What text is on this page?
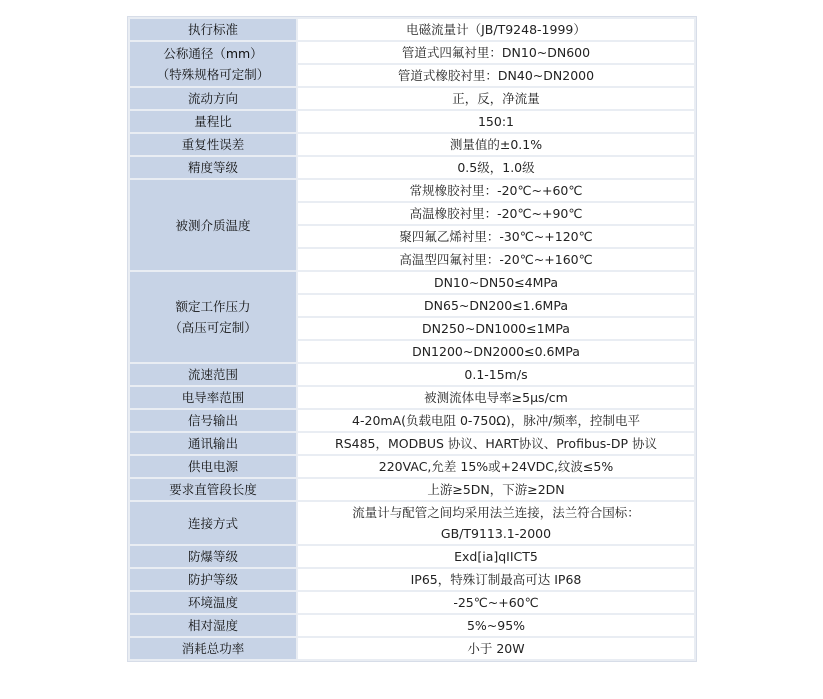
执行标准	电磁流量计（JB/T9248-1999）

公称通径（mm）
（特殊规格可定制）	管道式四氟衬里：DN10~DN600
	管道式橡胶衬里：DN40~DN2000

流动方向	正，反，净流量

量程比	150:1

重复性误差	测量值的±0.1%

精度等级	0.5级，1.0级

被测介质温度	常规橡胶衬里：-20℃~+60℃
	高温橡胶衬里：-20℃~+90℃
	聚四氟乙烯衬里：-30℃~+120℃
	高温型四氟衬里：-20℃~+160℃

额定工作压力
（高压可定制）	DN10~DN50≤4MPa
	DN65~DN200≤1.6MPa
	DN250~DN1000≤1MPa
	DN1200~DN2000≤0.6MPa

流速范围	0.1-15m/s

电导率范围	被测流体电导率≥5μs/cm

信号输出	4-20mA(负载电阻 0-750Ω)，脉冲/频率，控制电平

通讯输出	RS485，MODBUS 协议、HART协议、Profibus-DP 协议

供电电源	220VAC,允差 15%或+24VDC,纹波≤5%

要求直管段长度	上游≥5DN，下游≥2DN

连接方式	流量计与配管之间均采用法兰连接，法兰符合国标：
GB/T9113.1-2000

防爆等级	Exd[ia]qIICT5

防护等级	IP65，特殊订制最高可达 IP68

环境温度	-25℃~+60℃

相对湿度	5%~95%

消耗总功率	小于 20W
